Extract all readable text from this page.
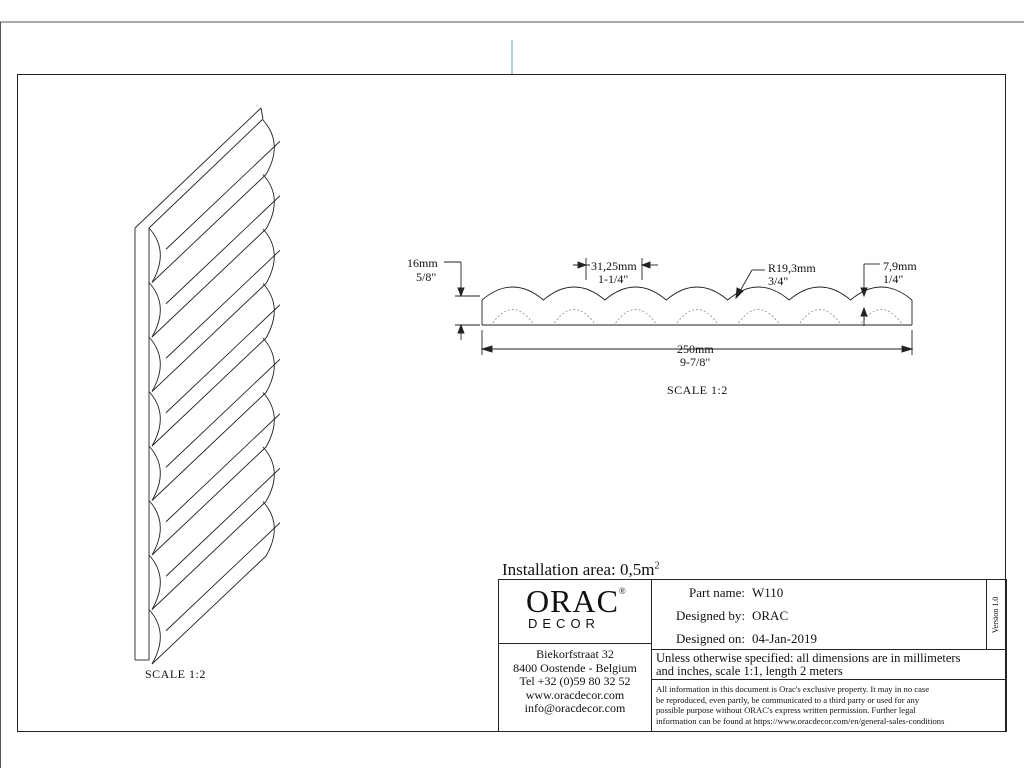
SCALE 1:2
16mm
5/8"
31,25mm
1-1/4"
R19,3mm
3/4"
7,9mm
1/4"
250mm
9-7/8"
SCALE 1:2
Installation area: $0,5m^2$
ORAC®
DECOR
Biekorfstraat 32
8400 Oostende - Belgium
Tel +32 (0)59 80 32 52
www.oracdecor.com
info@oracdecor.com
Part name: W110
Designed by: ORAC
Designed on: 04-Jan-2019
Version 1.0
Unless otherwise specified: all dimensions are in millimeters
and inches, scale 1:1, length 2 meters
All information in this document is Orac's exclusive property. It may in no case
be reproduced, even partly, be communicated to a third party or used for any
possible purpose without ORAC's express written permission. Further legal
information can be found at https://www.oracdecor.com/en/general-sales-conditions
